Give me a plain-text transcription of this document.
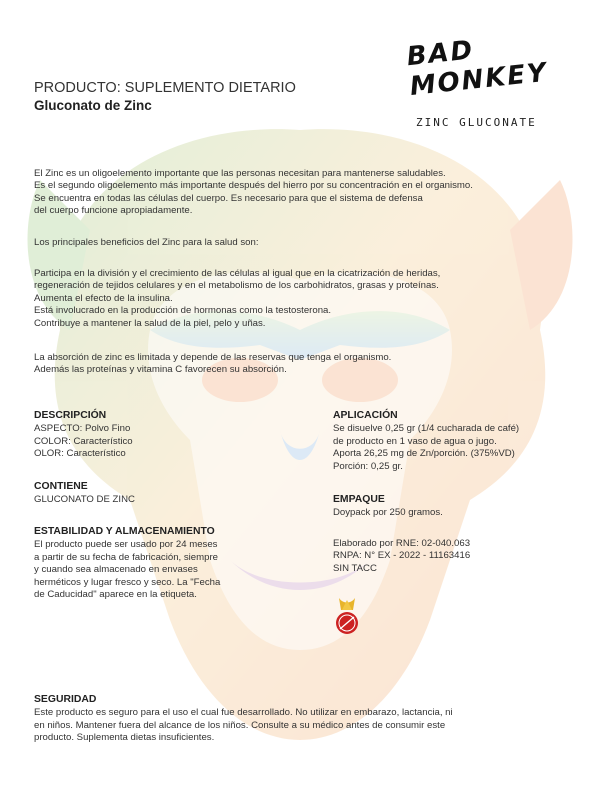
BAD MONKEY
ZINC GLUCONATE
PRODUCTO: SUPLEMENTO DIETARIO
Gluconato de Zinc
El Zinc es un oligoelemento importante que las personas necesitan para mantenerse saludables.
Es el segundo oligoelemento más importante después del hierro por su concentración en el organismo.
Se encuentra en todas las células del cuerpo. Es necesario para que el sistema de defensa
del cuerpo funcione apropiadamente.
Los principales beneficios del Zinc para la salud son:
Participa en la división y el crecimiento de las células al igual que en la cicatrización de heridas,
regeneración de tejidos celulares y en el metabolismo de los carbohidratos, grasas y proteínas.
Aumenta el efecto de la insulina.
Está involucrado en la producción de hormonas como la testosterona.
Contribuye a mantener la salud de la piel, pelo y uñas.
La absorción de zinc es limitada y depende de las reservas que tenga el organismo.
Además las proteínas y vitamina C favorecen su absorción.
DESCRIPCIÓN
ASPECTO: Polvo Fino
COLOR: Característico
OLOR: Característico
CONTIENE
GLUCONATO DE ZINC
ESTABILIDAD Y ALMACENAMIENTO
El producto puede ser usado por 24 meses
a partir de su fecha de fabricación, siempre
y cuando sea almacenado en envases
herméticos y lugar fresco y seco. La "Fecha
de Caducidad" aparece en la etiqueta.
APLICACIÓN
Se disuelve 0,25 gr (1/4 cucharada de café)
de producto en 1 vaso de agua o jugo.
Aporta 26,25 mg de Zn/porción. (375%VD)
Porción: 0,25 gr.
EMPAQUE
Doypack por 250 gramos.
Elaborado por RNE: 02-040.063
RNPA: N° EX - 2022 - 11163416
SIN TACC
SEGURIDAD
Este producto es seguro para el uso el cual fue desarrollado. No utilizar en embarazo, lactancia, ni
en niños. Mantener fuera del alcance de los niños. Consulte a su médico antes de consumir este
producto. Suplementa dietas insuficientes.
